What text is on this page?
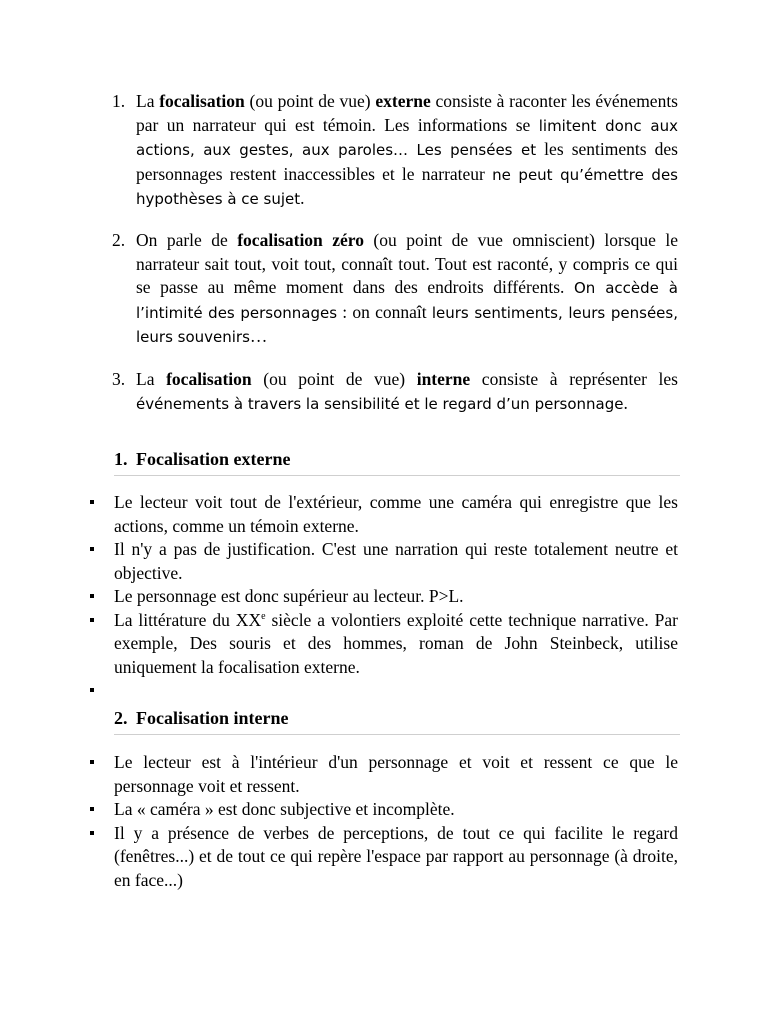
1. La focalisation (ou point de vue) externe consiste à raconter les événements par un narrateur qui est témoin. Les informations se limitent donc aux actions, aux gestes, aux paroles… Les pensées et les sentiments des personnages restent inaccessibles et le narrateur ne peut qu’émettre des hypothèses à ce sujet.
2. On parle de focalisation zéro (ou point de vue omniscient) lorsque le narrateur sait tout, voit tout, connaît tout. Tout est raconté, y compris ce qui se passe au même moment dans des endroits différents. On accède à l’intimité des personnages : on connaît leurs sentiments, leurs pensées, leurs souvenirs…
3. La focalisation (ou point de vue) interne consiste à représenter les événements à travers la sensibilité et le regard d’un personnage.
1. Focalisation externe
Le lecteur voit tout de l'extérieur, comme une caméra qui enregistre que les actions, comme un témoin externe.
Il n'y a pas de justification. C'est une narration qui reste totalement neutre et objective.
Le personnage est donc supérieur au lecteur. P>L.
La littérature du XXe siècle a volontiers exploité cette technique narrative. Par exemple, Des souris et des hommes, roman de John Steinbeck, utilise uniquement la focalisation externe.
2. Focalisation interne
Le lecteur est à l'intérieur d'un personnage et voit et ressent ce que le personnage voit et ressent.
La « caméra » est donc subjective et incomplète.
Il y a présence de verbes de perceptions, de tout ce qui facilite le regard (fenêtres...) et de tout ce qui repère l'espace par rapport au personnage (à droite, en face...)
